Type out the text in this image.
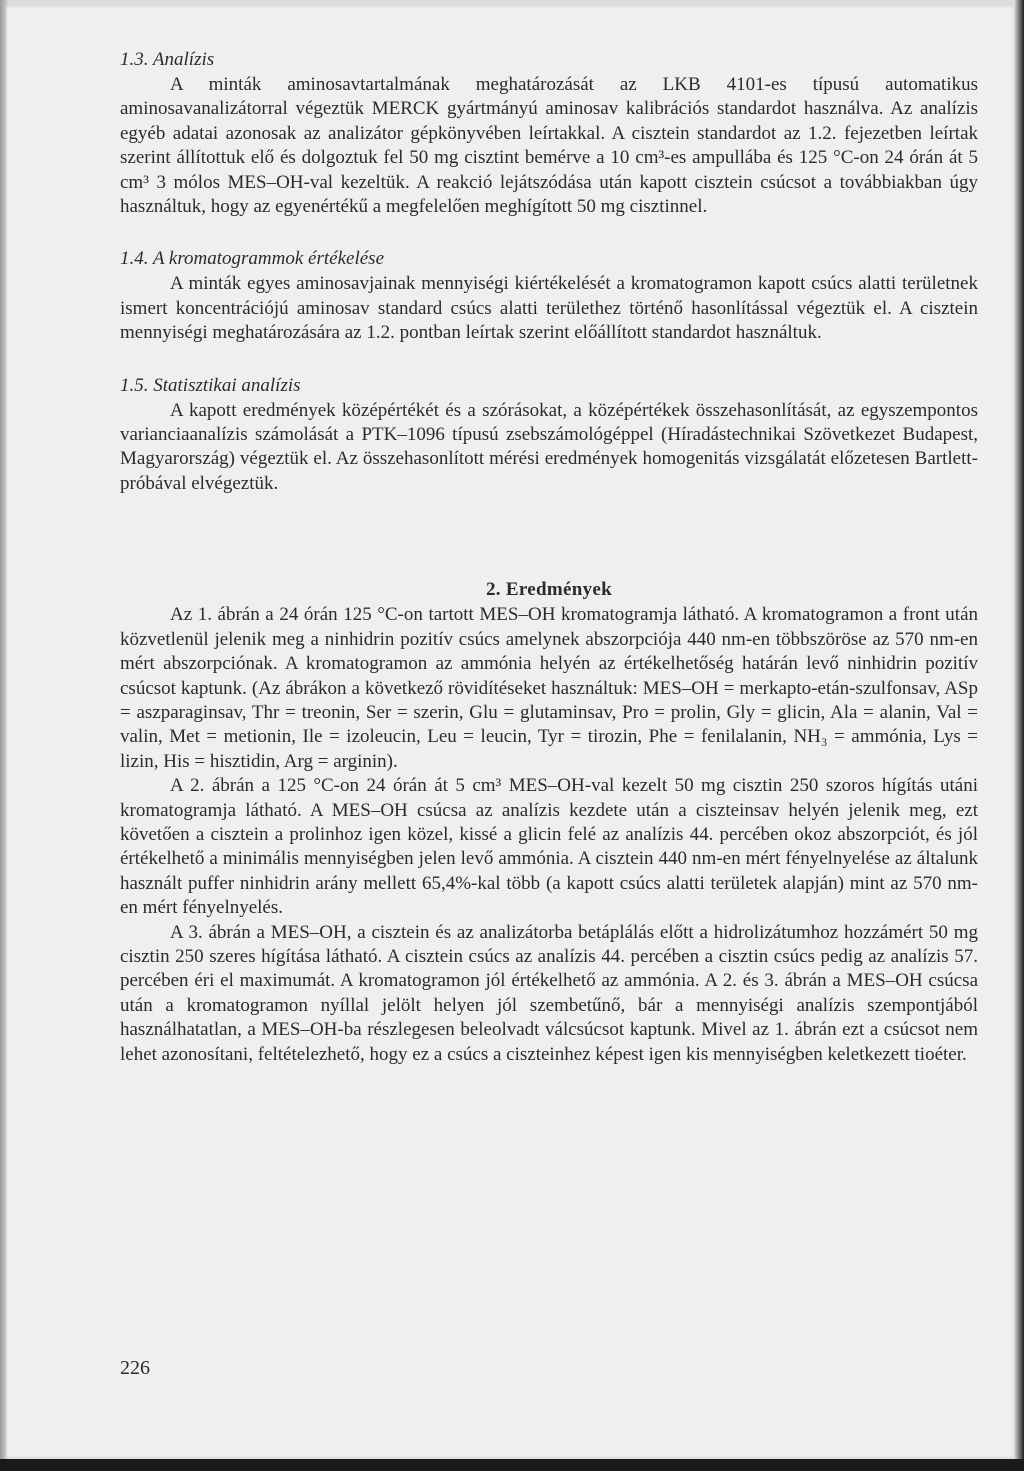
1.3. Analízis

A minták aminosavtartalmának meghatározását az LKB 4101-es típusú automatikus aminosavanalizátorral végeztük MERCK gyártmányú aminosav kalibrációs standardot használva. Az analízis egyéb adatai azonosak az analizátor gépkönyvében leírtakkal. A cisztein standardot az 1.2. fejezetben leírtak szerint állítottuk elő és dolgoztuk fel 50 mg cisztint bemérve a 10 cm³-es ampullába és 125 °C-on 24 órán át 5 cm³ 3 mólos MES–OH-val kezeltük. A reakció lejátszódása után kapott cisztein csúcsot a továbbiakban úgy használtuk, hogy az egyenértékű a megfelelően meghígított 50 mg cisztinnel.

1.4. A kromatogrammok értékelése

A minták egyes aminosavjainak mennyiségi kiértékelését a kromatogramon kapott csúcs alatti területnek ismert koncentrációjú aminosav standard csúcs alatti területhez történő hasonlítással végeztük el. A cisztein mennyiségi meghatározására az 1.2. pontban leírtak szerint előállított standardot használtuk.

1.5. Statisztikai analízis

A kapott eredmények középértékét és a szórásokat, a középértékek összehasonlítását, az egyszempontos varianciaanalízis számolását a PTK–1096 típusú zsebszámológéppel (Híradástechnikai Szövetkezet Budapest, Magyarország) végeztük el. Az összehasonlított mérési eredmények homogenitás vizsgálatát előzetesen Bartlett-próbával elvégeztük.

2. Eredmények

Az 1. ábrán a 24 órán 125 °C-on tartott MES–OH kromatogramja látható. A kromatogramon a front után közvetlenül jelenik meg a ninhidrin pozitív csúcs amelynek abszorpciója 440 nm-en többszöröse az 570 nm-en mért abszorpciónak. A kromatogramon az ammónia helyén az értékelhetőség határán levő ninhidrin pozitív csúcsot kaptunk. (Az ábrákon a következő rövidítéseket használtuk: MES–OH = merkapto-etán-szulfonsav, ASp = aszparaginsav, Thr = treonin, Ser = szerin, Glu = glutaminsav, Pro = prolin, Gly = glicin, Ala = alanin, Val = valin, Met = metionin, Ile = izoleucin, Leu = leucin, Tyr = tirozin, Phe = fenilalanin, NH₃ = ammónia, Lys = lizin, His = hisztidin, Arg = arginin).

A 2. ábrán a 125 °C-on 24 órán át 5 cm³ MES–OH-val kezelt 50 mg cisztin 250 szoros hígítás utáni kromatogramja látható. A MES–OH csúcsa az analízis kezdete után a ciszteinsav helyén jelenik meg, ezt követően a cisztein a prolinhoz igen közel, kissé a glicin felé az analízis 44. percében okoz abszorpciót, és jól értékelhető a minimális mennyiségben jelen levő ammónia. A cisztein 440 nm-en mért fényelnyelése az általunk használt puffer ninhidrin arány mellett 65,4%-kal több (a kapott csúcs alatti területek alapján) mint az 570 nm-en mért fényelnyelés.

A 3. ábrán a MES–OH, a cisztein és az analizátorba betáplálás előtt a hidrolizátumhoz hozzámért 50 mg cisztin 250 szeres hígítása látható. A cisztein csúcs az analízis 44. percében a cisztin csúcs pedig az analízis 57. percében éri el maximumát. A kromatogramon jól értékelhető az ammónia. A 2. és 3. ábrán a MES–OH csúcsa után a kromatogramon nyíllal jelölt helyen jól szembetűnő, bár a mennyiségi analízis szempontjából használhatatlan, a MES–OH-ba részlegesen beleolvadt válcsúcsot kaptunk. Mivel az 1. ábrán ezt a csúcsot nem lehet azonosítani, feltételezhető, hogy ez a csúcs a ciszteinhez képest igen kis mennyiségben keletkezett tioéter.

226
